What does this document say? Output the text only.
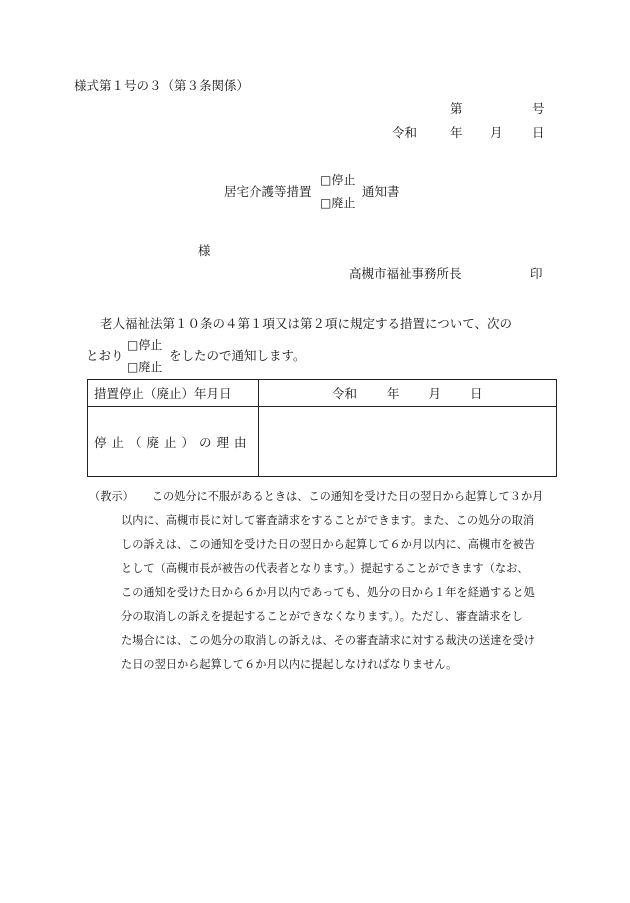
様式第１号の３（第３条関係）
第	号
令和	年 月 日
居宅介護等措置
□停止
□廃止
通知書
様
高槻市福祉事務所長	印
老人福祉法第１０条の４第１項又は第２項に規定する措置について、次の
とおり
□停止
□廃止
をしたので通知します。
措置停止（廃止）年月日	令和 年 月 日
停止（廃止）の理由	
（教示） この処分に不服があるときは、この通知を受けた日の翌日から起算して３か月
以内に、高槻市長に対して審査請求をすることができます。また、この処分の取消
しの訴えは、この通知を受けた日の翌日から起算して６か月以内に、高槻市を被告
として（高槻市長が被告の代表者となります。）提起することができます（なお、
この通知を受けた日から６か月以内であっても、処分の日から１年を経過すると処
分の取消しの訴えを提起することができなくなります。）。ただし、審査請求をし
た場合には、この処分の取消しの訴えは、その審査請求に対する裁決の送達を受け
た日の翌日から起算して６か月以内に提起しなければなりません。
